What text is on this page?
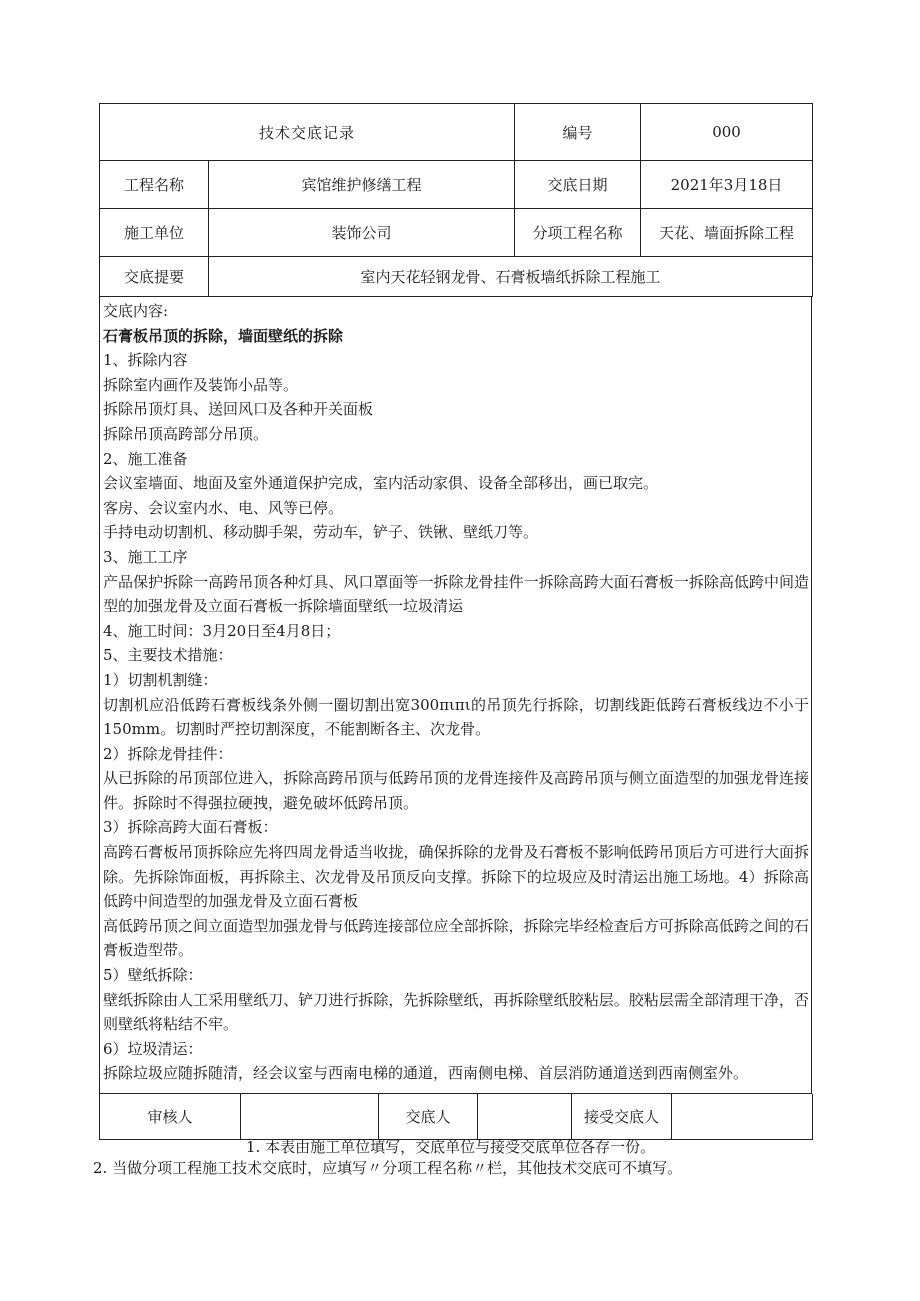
技术交底记录		编号	000
工程名称	宾馆维护修缮工程	交底日期	2021年3月18日
施工单位	装饰公司	分项工程名称	天花、墙面拆除工程
交底提要	室内天花轻钢龙骨、石膏板墙纸拆除工程施工		

交底内容:

石膏板吊顶的拆除，墙面壁纸的拆除

1、拆除内容

拆除室内画作及装饰小品等。

拆除吊顶灯具、送回风口及各种开关面板

拆除吊顶高跨部分吊顶。

2、施工准备

会议室墙面、地面及室外通道保护完成，室内活动家俱、设备全部移出，画已取完。

客房、会议室内水、电、风等已停。

手持电动切割机、移动脚手架，劳动车，铲子、铁锹、壁纸刀等。

3、施工工序

产品保护拆除一高跨吊顶各种灯具、风口罩面等一拆除龙骨挂件一拆除高跨大面石膏板一拆除高低跨中间造型的加强龙骨及立面石膏板一拆除墙面壁纸一垃圾清运

4、施工时间：3月20日至4月8日；

5、主要技术措施：

1）切割机割缝：

切割机应沿低跨石膏板线条外侧一圈切割出宽300πιπι的吊顶先行拆除，切割线距低跨石膏板线边不小于150mm。切割时严控切割深度，不能割断各主、次龙骨。

2）拆除龙骨挂件：

从已拆除的吊顶部位进入，拆除高跨吊顶与低跨吊顶的龙骨连接件及高跨吊顶与侧立面造型的加强龙骨连接件。拆除时不得强拉硬拽，避免破坏低跨吊顶。

3）拆除高跨大面石膏板：

高跨石膏板吊顶拆除应先将四周龙骨适当收拢，确保拆除的龙骨及石膏板不影响低跨吊顶后方可进行大面拆除。先拆除饰面板，再拆除主、次龙骨及吊顶反向支撑。拆除下的垃圾应及时清运出施工场地。4）拆除高低跨中间造型的加强龙骨及立面石膏板

高低跨吊顶之间立面造型加强龙骨与低跨连接部位应全部拆除，拆除完毕经检查后方可拆除高低跨之间的石膏板造型带。

5）壁纸拆除：

壁纸拆除由人工采用壁纸刀、铲刀进行拆除，先拆除壁纸，再拆除壁纸胶粘层。胶粘层需全部清理干净，否则壁纸将粘结不牢。

6）垃圾清运：

拆除垃圾应随拆随清，经会议室与西南电梯的通道，西南侧电梯、首层消防通道送到西南侧室外。

审核人		交底人		接受交底人	
1. 本表由施工单位填写，交底单位与接受交底单位各存一份。
2. 当做分项工程施工技术交底时，应填写〃分项工程名称〃栏，其他技术交底可不填写。
